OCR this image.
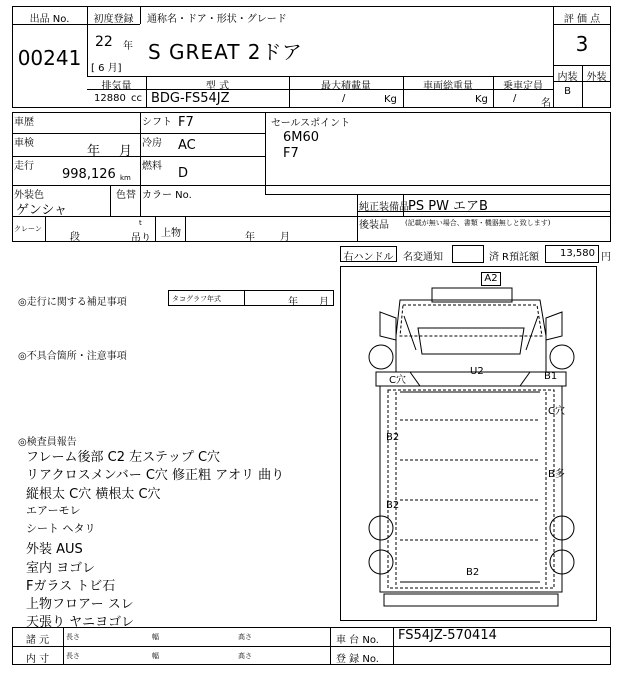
出品 No.
00241
初度登録
22 年
[ 6 月]
通称名・ドア・形状・グレード
S GREAT 2ドア
評 価 点
3
内装 外装
B
排気量	型 式	最大積載量	車両総重量	乗車定員
12880 cc BDG-FS54JZ	/	Kg	Kg	/ 名
車歴	シフト F7
車検
年 月
冷房 AC
走行
998,126 km
燃料 D
外装色
ゲンシャ
色替 カラー No.
セールスポイント
6M60
F7
純正装備品 PS PW エアB
後装品 (記載が無い場合、書類・機器無しと致します)
クレーン
段
t
吊り 上物	年	月
右ハンドル 名変通知	済 R預託額	13,580 円
◎走行に関する補足事項	タコグラフ年式	年 月
◎不具合箇所・注意事項
◎検査員報告
フレーム後部 C2 左ステップ C穴
リアクロスメンバー C穴 修正粗 アオリ 曲り
縦根太 C穴 横根太 C穴
エアーモレ
シート ヘタリ
外装 AUS
室内 ヨゴレ
Fガラス トビ石
上物フロアー スレ
天張り ヤニヨゴレ
A2
C穴
U2	B1
C穴
B2
B多
B2
B2
諸 元
内 寸
長さ	幅	高さ
長さ	幅	高さ
車 台 No. FS54JZ-570414
登 録 No.
